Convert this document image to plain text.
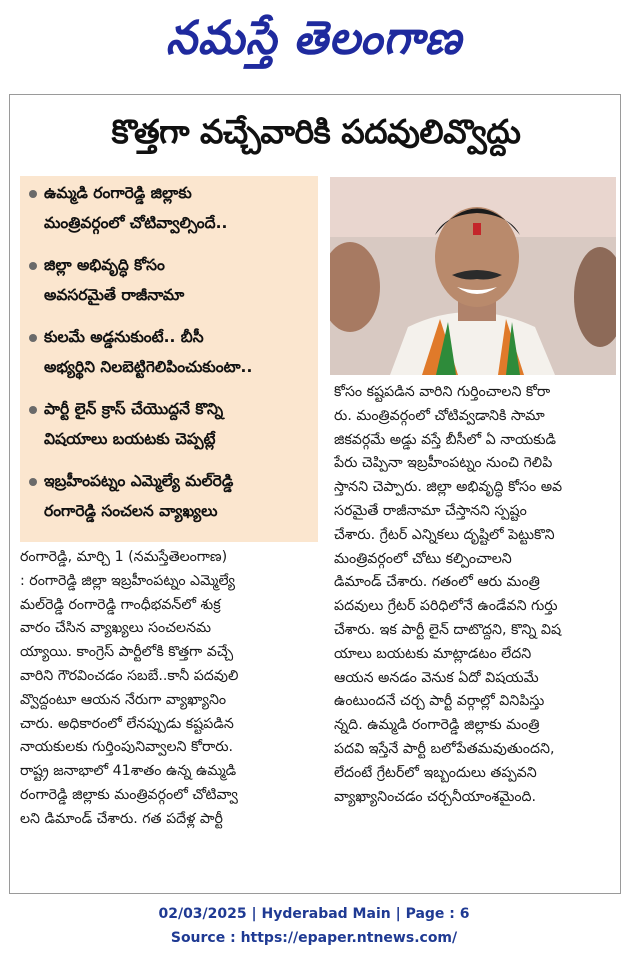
నమస్తే తెలంగాణ
కొత్తగా వచ్చేవారికి పదవులివ్వొద్దు
ఉమ్మడి రంగారెడ్డి జిల్లాకు
మంత్రివర్గంలో చోటివ్వాల్సిందే..
జిల్లా అభివృద్ధి కోసం
అవసరమైతే రాజీనామా
కులమే అడ్డనుకుంటే.. బీసీ
అభ్యర్థిని నిలబెట్టిగెలిపించుకుంటా..
పార్టీ లైన్ క్రాస్ చేయొద్దనే కొన్ని
విషయాలు బయటకు చెప్పట్లే
ఇబ్రహీంపట్నం ఎమ్మెల్యే మల్‌రెడ్డి
రంగారెడ్డి సంచలన వ్యాఖ్యలు
రంగారెడ్డి, మార్చి 1 (నమస్తేతెలంగాణ)
: రంగారెడ్డి జిల్లా ఇబ్రహీంపట్నం ఎమ్మెల్యే
మల్‌రెడ్డి రంగారెడ్డి గాంధీభవన్‌లో శుక్ర
వారం చేసిన వ్యాఖ్యలు సంచలనమ
య్యాయి. కాంగ్రెస్ పార్టీలోకి కొత్తగా వచ్చే
వారిని గౌరవించడం సబబే..కానీ పదవులి
వ్వొద్దంటూ ఆయన నేరుగా వ్యాఖ్యానిం
చారు. అధికారంలో లేనప్పుడు కష్టపడిన
నాయకులకు గుర్తింపునివ్వాలని కోరారు.
రాష్ట్ర జనాభాలో 41శాతం ఉన్న ఉమ్మడి
రంగారెడ్డి జిల్లాకు మంత్రివర్గంలో చోటివ్వా
లని డిమాండ్ చేశారు. గత పదేళ్ల పార్టీ
కోసం కష్టపడిన వారిని గుర్తించాలని కోరా
రు. మంత్రివర్గంలో చోటివ్వడానికి సామా
జికవర్గమే అడ్డు వస్తే బీసీలో ఏ నాయకుడి
పేరు చెప్పినా ఇబ్రహీంపట్నం నుంచి గెలిపి
స్తానని చెప్పారు. జిల్లా అభివృద్ధి కోసం అవ
సరమైతే రాజీనామా చేస్తానని స్పష్టం
చేశారు. గ్రేటర్ ఎన్నికలు దృష్టిలో పెట్టుకొని
మంత్రివర్గంలో చోటు కల్పించాలని
డిమాండ్ చేశారు. గతంలో ఆరు మంత్రి
పదవులు గ్రేటర్ పరిధిలోనే ఉండేవని గుర్తు
చేశారు. ఇక పార్టీ లైన్ దాటొద్దని, కొన్ని విష
యాలు బయటకు మాట్లాడటం లేదని
ఆయన అనడం వెనుక ఏదో విషయమే
ఉంటుందనే చర్చ పార్టీ వర్గాల్లో వినిపిస్తు
న్నది. ఉమ్మడి రంగారెడ్డి జిల్లాకు మంత్రి
పదవి ఇస్తేనే పార్టీ బలోపేతమవుతుందని,
లేదంటే గ్రేటర్‌లో ఇబ్బందులు తప్పవని
వ్యాఖ్యానించడం చర్చనీయాంశమైంది.
02/03/2025 | Hyderabad Main | Page : 6
Source : https://epaper.ntnews.com/
